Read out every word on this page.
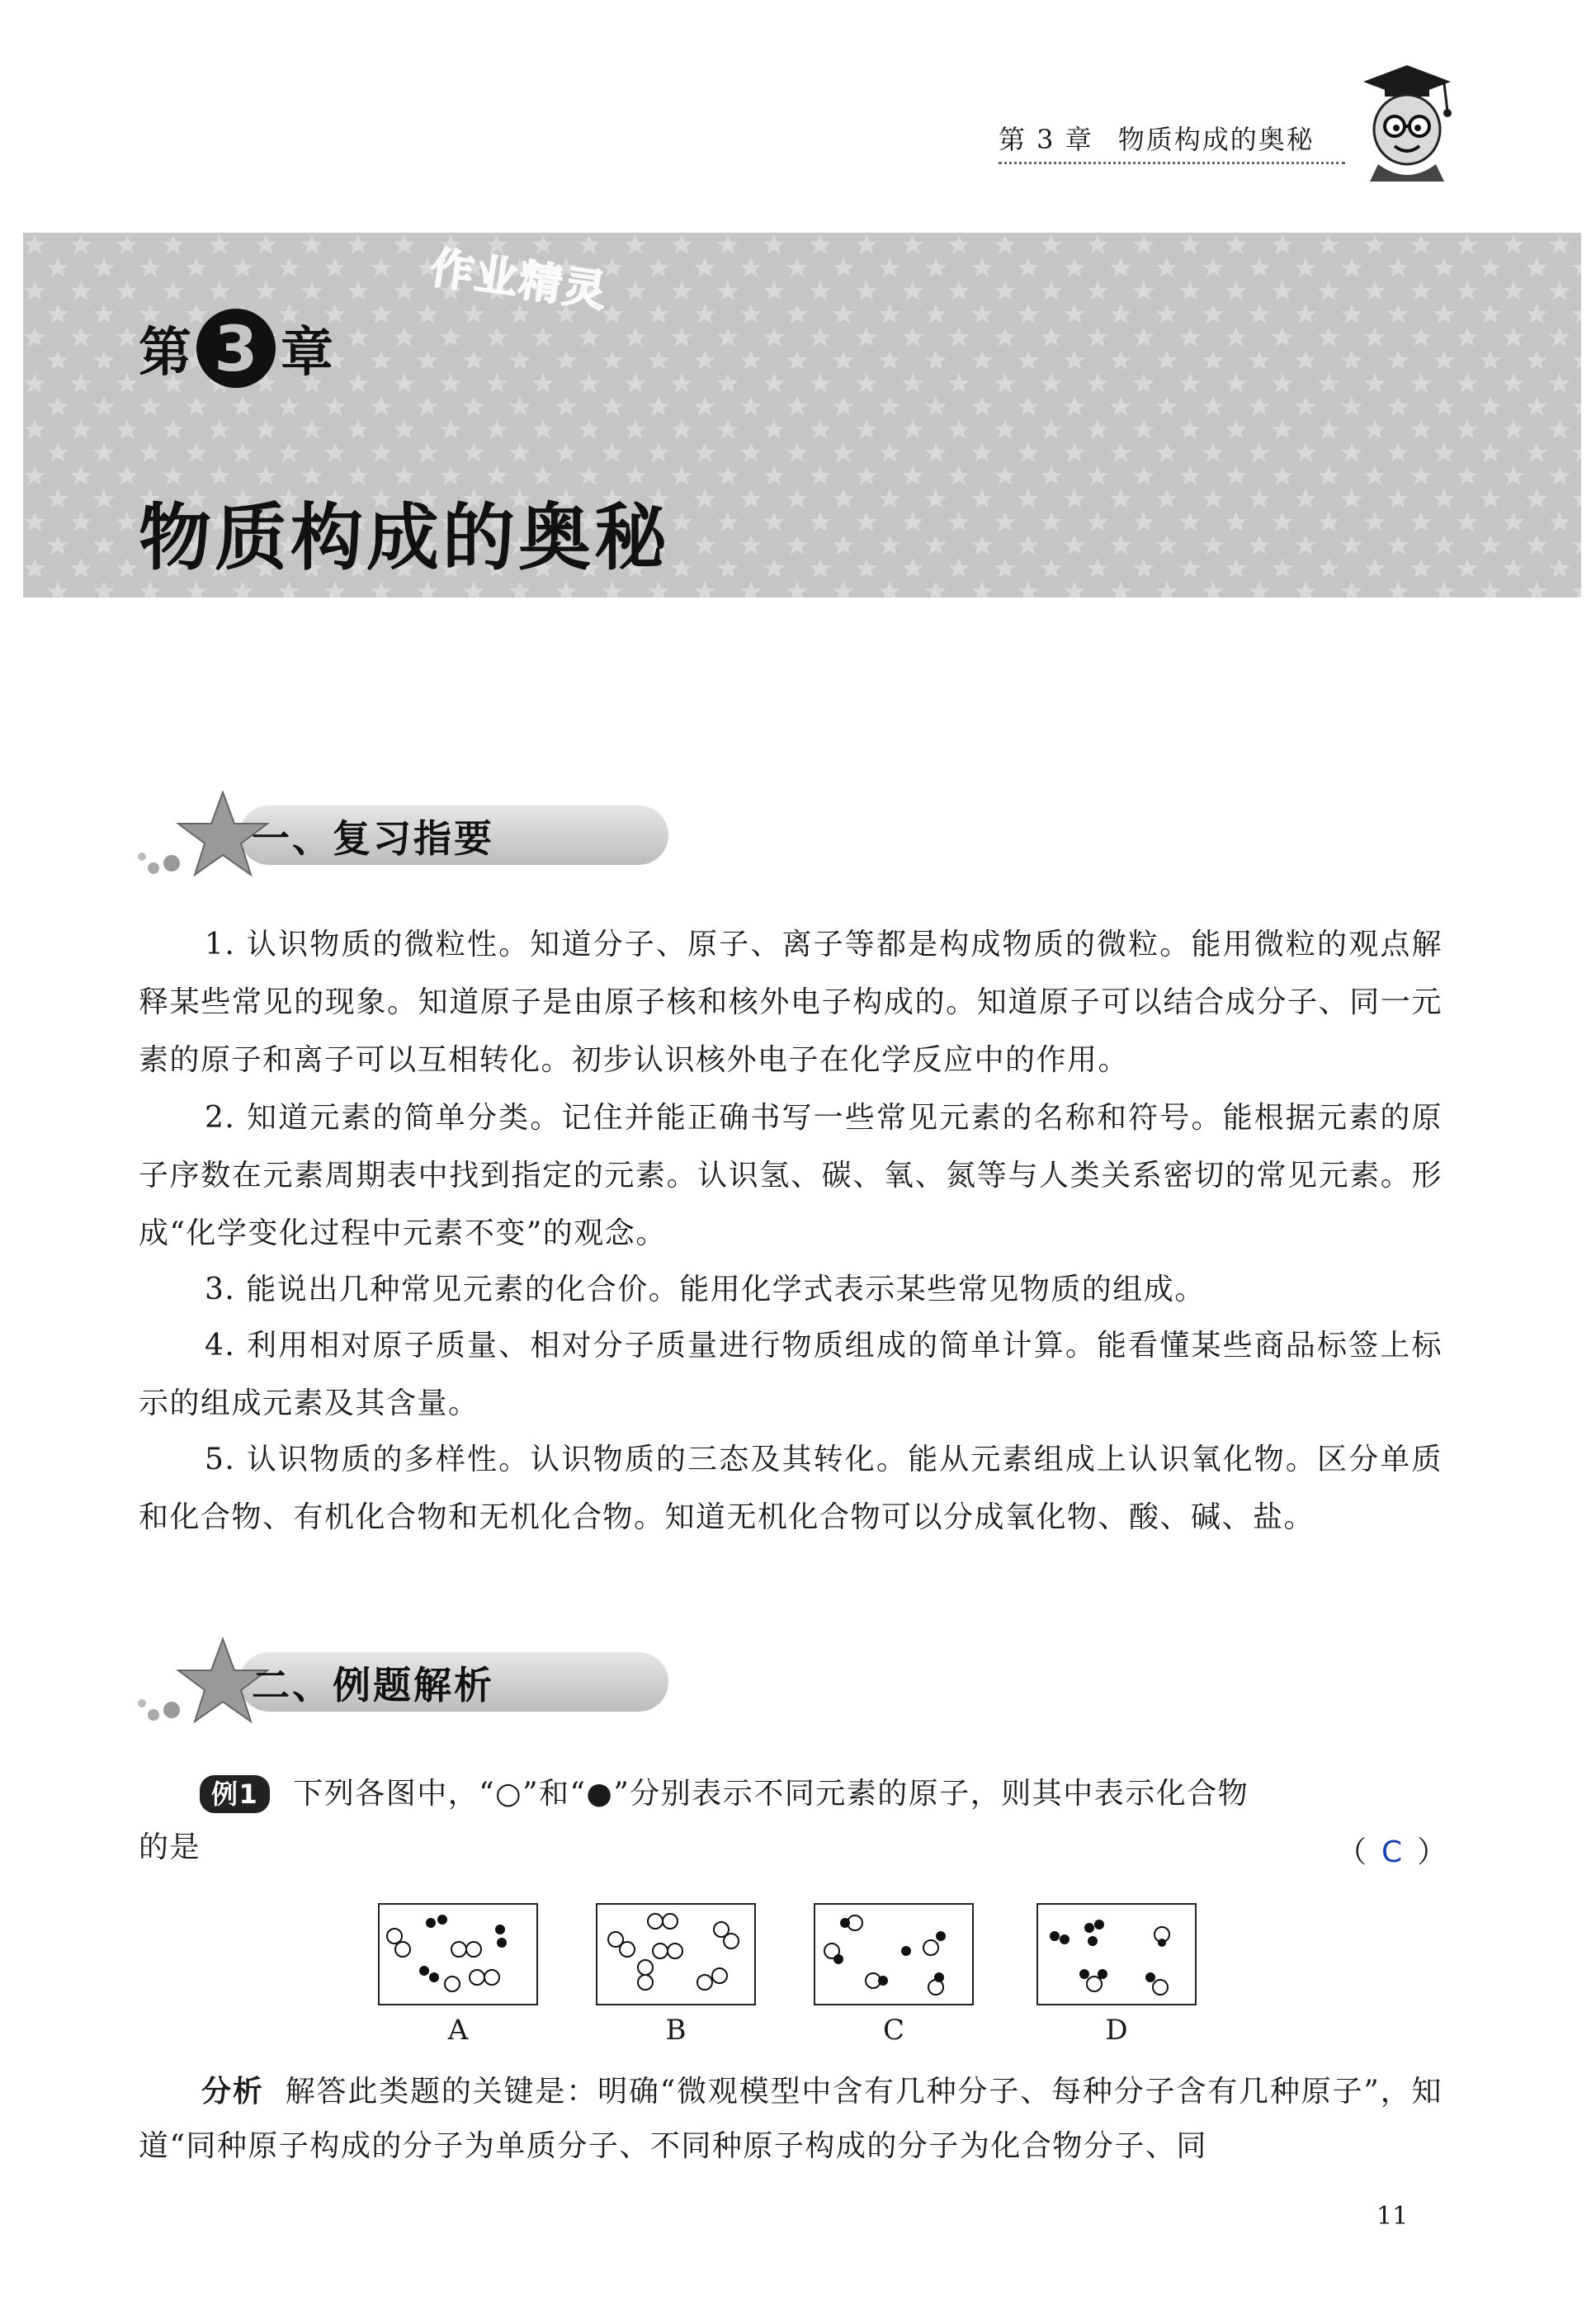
第 3 章 物质构成的奥秘
作业精灵
第 3 章
物质构成的奥秘
一、复习指要
1. 认识物质的微粒性。知道分子、原子、离子等都是构成物质的微粒。能用微粒的观点解释某些常见的现象。知道原子是由原子核和核外电子构成的。知道原子可以结合成分子、同一元素的原子和离子可以互相转化。初步认识核外电子在化学反应中的作用。
2. 知道元素的简单分类。记住并能正确书写一些常见元素的名称和符号。能根据元素的原子序数在元素周期表中找到指定的元素。认识氢、碳、氧、氮等与人类关系密切的常见元素。形成“化学变化过程中元素不变”的观念。
3. 能说出几种常见元素的化合价。能用化学式表示某些常见物质的组成。
4. 利用相对原子质量、相对分子质量进行物质组成的简单计算。能看懂某些商品标签上标示的组成元素及其含量。
5. 认识物质的多样性。认识物质的三态及其转化。能从元素组成上认识氧化物。区分单质和化合物、有机化合物和无机化合物。知道无机化合物可以分成氧化物、酸、碱、盐。
二、例题解析
例1 下列各图中，“○”和“●”分别表示不同元素的原子，则其中表示化合物
的是	（ C ）
A	B	C	D
分析 解答此类题的关键是：明确“微观模型中含有几种分子、每种分子含有几种原子”，知道“同种原子构成的分子为单质分子、不同种原子构成的分子为化合物分子、同
11
